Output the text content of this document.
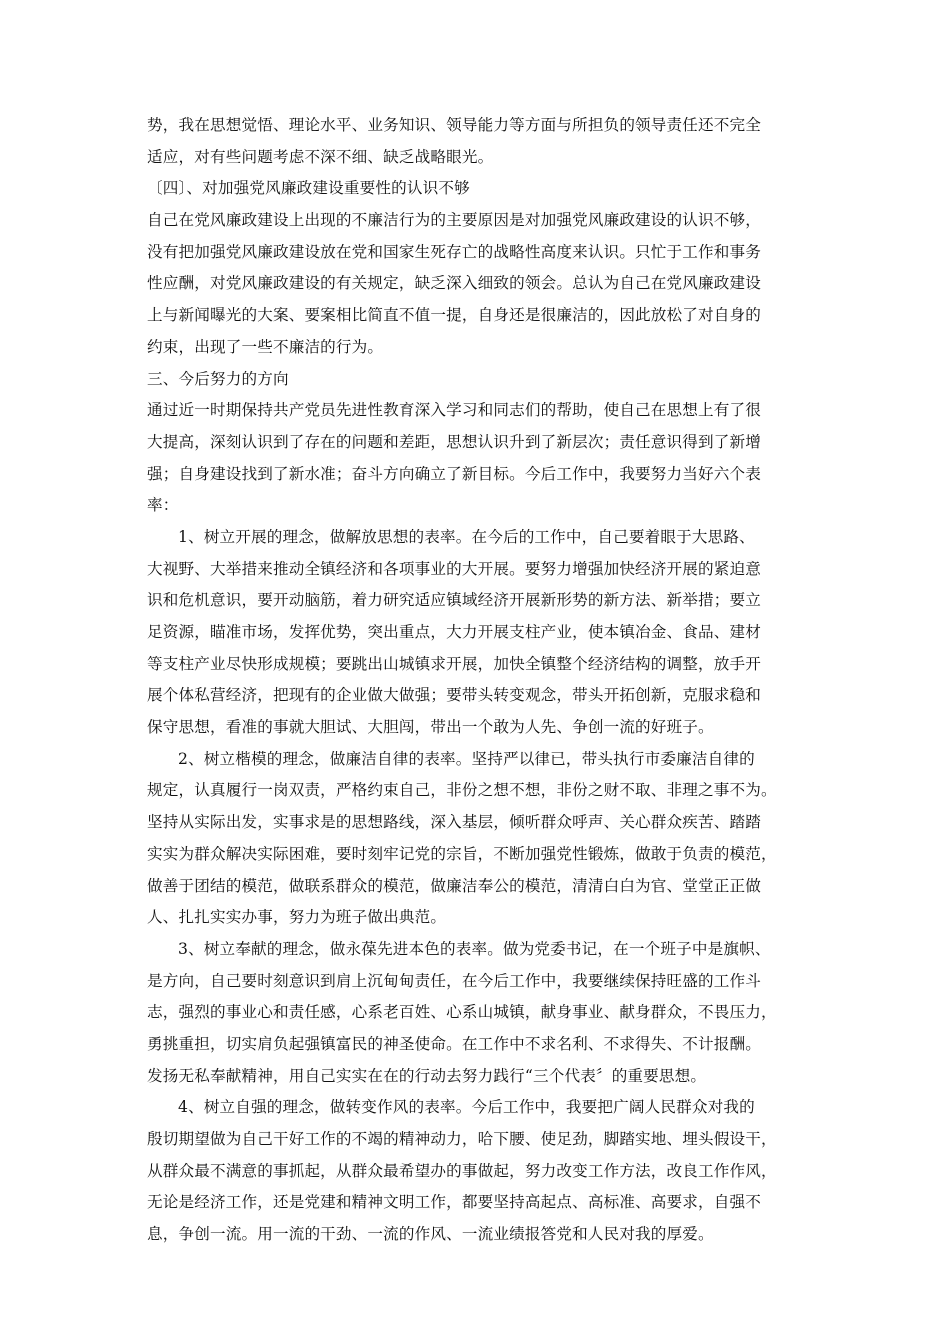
势，我在思想觉悟、理论水平、业务知识、领导能力等方面与所担负的领导责任还不完全
适应，对有些问题考虑不深不细、缺乏战略眼光。
〔四〕、对加强党风廉政建设重要性的认识不够
自己在党风廉政建设上出现的不廉洁行为的主要原因是对加强党风廉政建设的认识不够，
没有把加强党风廉政建设放在党和国家生死存亡的战略性高度来认识。只忙于工作和事务
性应酬，对党风廉政建设的有关规定，缺乏深入细致的领会。总认为自己在党风廉政建设
上与新闻曝光的大案、要案相比简直不值一提，自身还是很廉洁的，因此放松了对自身的
约束，出现了一些不廉洁的行为。
三、今后努力的方向
通过近一时期保持共产党员先进性教育深入学习和同志们的帮助，使自己在思想上有了很
大提高，深刻认识到了存在的问题和差距，思想认识升到了新层次；责任意识得到了新增
强；自身建设找到了新水准；奋斗方向确立了新目标。今后工作中，我要努力当好六个表
率：
1、树立开展的理念，做解放思想的表率。在今后的工作中，自己要着眼于大思路、
大视野、大举措来推动全镇经济和各项事业的大开展。要努力增强加快经济开展的紧迫意
识和危机意识，要开动脑筋，着力研究适应镇域经济开展新形势的新方法、新举措；要立
足资源，瞄准市场，发挥优势，突出重点，大力开展支柱产业，使本镇冶金、食品、建材
等支柱产业尽快形成规模；要跳出山城镇求开展，加快全镇整个经济结构的调整，放手开
展个体私营经济，把现有的企业做大做强；要带头转变观念，带头开拓创新，克服求稳和
保守思想，看准的事就大胆试、大胆闯，带出一个敢为人先、争创一流的好班子。
2、树立楷模的理念，做廉洁自律的表率。坚持严以律已，带头执行市委廉洁自律的
规定，认真履行一岗双责，严格约束自己，非份之想不想，非份之财不取、非理之事不为。
坚持从实际出发，实事求是的思想路线，深入基层，倾听群众呼声、关心群众疾苦、踏踏
实实为群众解决实际困难，要时刻牢记党的宗旨，不断加强党性锻炼，做敢于负责的模范，
做善于团结的模范，做联系群众的模范，做廉洁奉公的模范，清清白白为官、堂堂正正做
人、扎扎实实办事，努力为班子做出典范。
3、树立奉献的理念，做永葆先进本色的表率。做为党委书记，在一个班子中是旗帜、
是方向，自己要时刻意识到肩上沉甸甸责任，在今后工作中，我要继续保持旺盛的工作斗
志，强烈的事业心和责任感，心系老百姓、心系山城镇，献身事业、献身群众，不畏压力，
勇挑重担，切实肩负起强镇富民的神圣使命。在工作中不求名利、不求得失、不计报酬。
发扬无私奉献精神，用自己实实在在的行动去努力践行“三个代表〞的重要思想。
4、树立自强的理念，做转变作风的表率。今后工作中，我要把广阔人民群众对我的
殷切期望做为自己干好工作的不竭的精神动力，哈下腰、使足劲，脚踏实地、埋头假设干，
从群众最不满意的事抓起，从群众最希望办的事做起，努力改变工作方法，改良工作作风，
无论是经济工作，还是党建和精神文明工作，都要坚持高起点、高标准、高要求，自强不
息，争创一流。用一流的干劲、一流的作风、一流业绩报答党和人民对我的厚爱。
